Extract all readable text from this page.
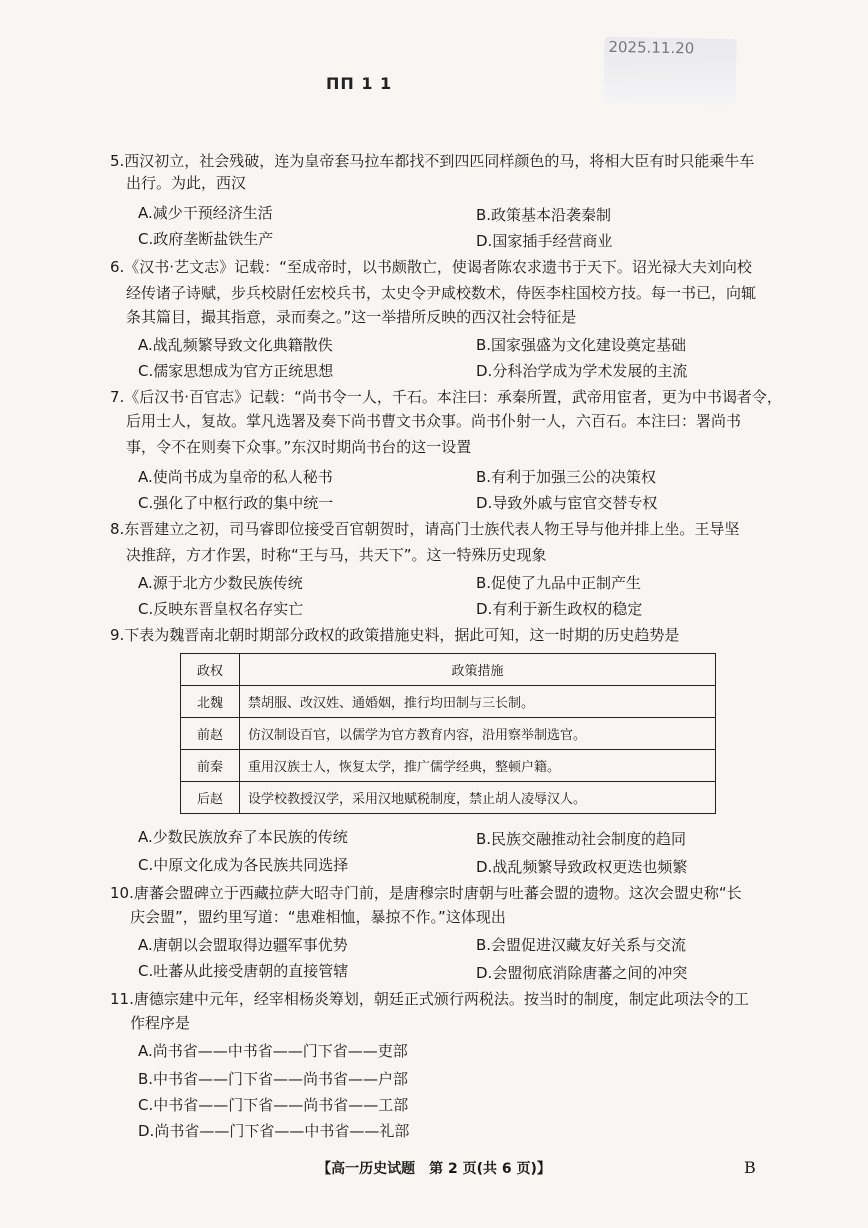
2025.11.20
ПП 1 1
5.西汉初立，社会残破，连为皇帝套马拉车都找不到四匹同样颜色的马，将相大臣有时只能乘牛车
出行。为此，西汉
A.减少干预经济生活	B.政策基本沿袭秦制
C.政府垄断盐铁生产	D.国家插手经营商业
6.《汉书·艺文志》记载：“至成帝时，以书颇散亡，使谒者陈农求遗书于天下。诏光禄大夫刘向校
经传诸子诗赋，步兵校尉任宏校兵书，太史令尹咸校数术，侍医李柱国校方技。每一书已，向辄
条其篇目，撮其指意，录而奏之。”这一举措所反映的西汉社会特征是
A.战乱频繁导致文化典籍散佚	B.国家强盛为文化建设奠定基础
C.儒家思想成为官方正统思想	D.分科治学成为学术发展的主流
7.《后汉书·百官志》记载：“尚书令一人，千石。本注曰：承秦所置，武帝用宦者，更为中书谒者令，
后用士人，复故。掌凡选署及奏下尚书曹文书众事。尚书仆射一人，六百石。本注曰：署尚书
事，令不在则奏下众事。”东汉时期尚书台的这一设置
A.使尚书成为皇帝的私人秘书	B.有利于加强三公的决策权
C.强化了中枢行政的集中统一	D.导致外戚与宦官交替专权
8.东晋建立之初，司马睿即位接受百官朝贺时，请高门士族代表人物王导与他并排上坐。王导坚
决推辞，方才作罢，时称“王与马，共天下”。这一特殊历史现象
A.源于北方少数民族传统	B.促使了九品中正制产生
C.反映东晋皇权名存实亡	D.有利于新生政权的稳定
9.下表为魏晋南北朝时期部分政权的政策措施史料，据此可知，这一时期的历史趋势是
政权	政策措施
北魏	禁胡服、改汉姓、通婚姻，推行均田制与三长制。
前赵	仿汉制设百官，以儒学为官方教育内容，沿用察举制选官。
前秦	重用汉族士人，恢复太学，推广儒学经典，整顿户籍。
后赵	设学校教授汉学，采用汉地赋税制度，禁止胡人凌辱汉人。
A.少数民族放弃了本民族的传统	B.民族交融推动社会制度的趋同
C.中原文化成为各民族共同选择	D.战乱频繁导致政权更迭也频繁
10.唐蕃会盟碑立于西藏拉萨大昭寺门前，是唐穆宗时唐朝与吐蕃会盟的遗物。这次会盟史称“长
庆会盟”，盟约里写道：“患难相恤，暴掠不作。”这体现出
A.唐朝以会盟取得边疆军事优势	B.会盟促进汉藏友好关系与交流
C.吐蕃从此接受唐朝的直接管辖	D.会盟彻底消除唐蕃之间的冲突
11.唐德宗建中元年，经宰相杨炎筹划，朝廷正式颁行两税法。按当时的制度，制定此项法令的工
作程序是
A.尚书省——中书省——门下省——吏部
B.中书省——门下省——尚书省——户部
C.中书省——门下省——尚书省——工部
D.尚书省——门下省——中书省——礼部
【高一历史试题　第 2 页(共 6 页)】	B
